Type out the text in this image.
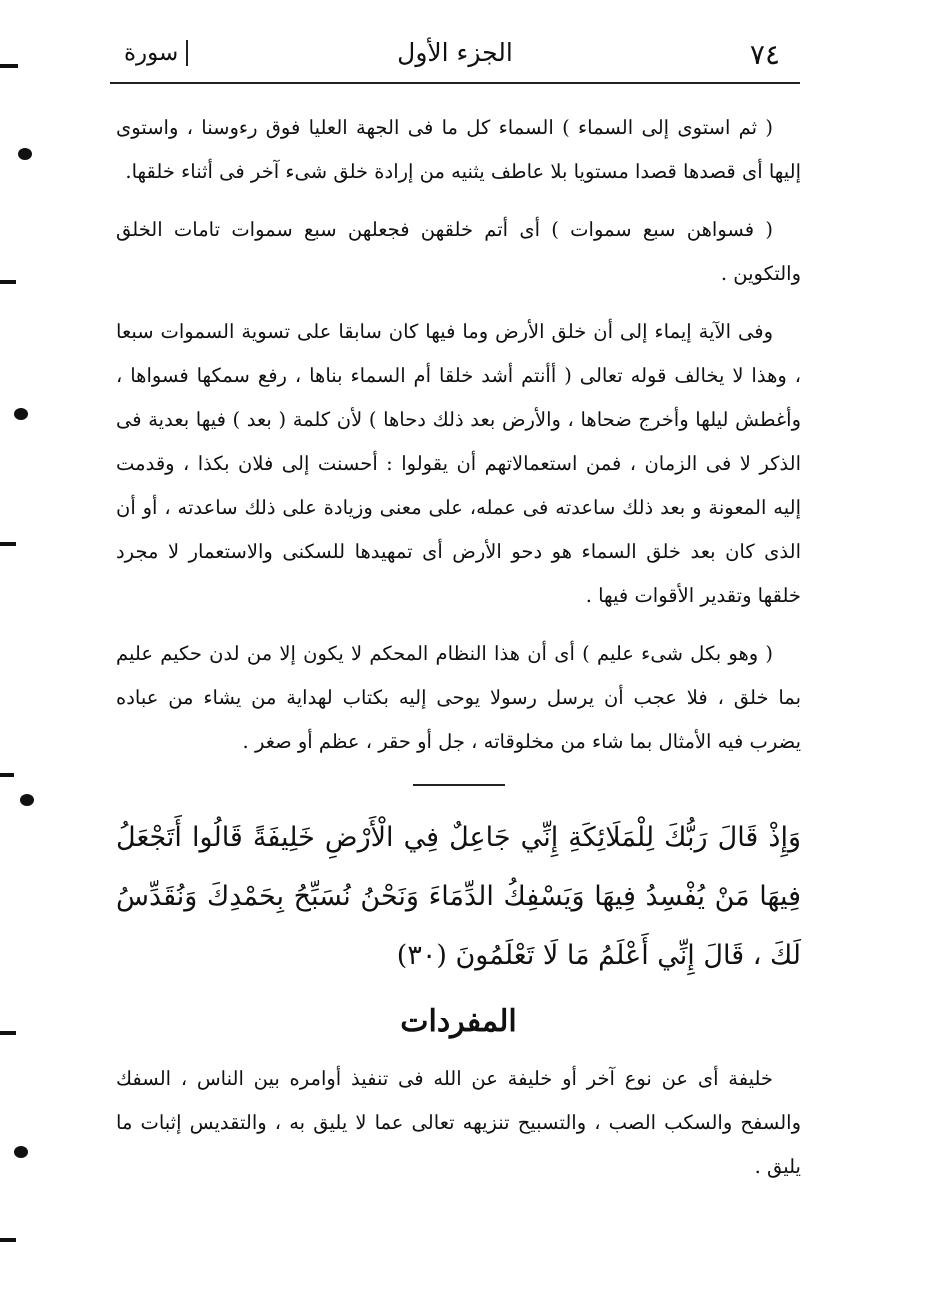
٧٤
الجزء الأول
سورة

( ثم استوى إلى السماء ) السماء كل ما فى الجهة العليا فوق رءوسنا ، واستوى إليها أى قصدها قصدا مستويا بلا عاطف يثنيه من إرادة خلق شىء آخر فى أثناء خلقها.

( فسواهن سبع سموات ) أى أتم خلقهن فجعلهن سبع سموات تامات الخلق والتكوين .

وفى الآية إيماء إلى أن خلق الأرض وما فيها كان سابقا على تسوية السموات سبعا ، وهذا لا يخالف قوله تعالى ( أأنتم أشد خلقا أم السماء بناها ، رفع سمكها فسواها ، وأغطش ليلها وأخرج ضحاها ، والأرض بعد ذلك دحاها ) لأن كلمة ( بعد ) فيها بعدية فى الذكر لا فى الزمان ، فمن استعمالاتهم أن يقولوا : أحسنت إلى فلان بكذا ، وقدمت إليه المعونة و بعد ذلك ساعدته فى عمله، على معنى وزيادة على ذلك ساعدته ، أو أن الذى كان بعد خلق السماء هو دحو الأرض أى تمهيدها للسكنى والاستعمار لا مجرد خلقها وتقدير الأقوات فيها .

( وهو بكل شىء عليم ) أى أن هذا النظام المحكم لا يكون إلا من لدن حكيم عليم بما خلق ، فلا عجب أن يرسل رسولا يوحى إليه بكتاب لهداية من يشاء من عباده يضرب فيه الأمثال بما شاء من مخلوقاته ، جل أو حقر ، عظم أو صغر .

وَإِذْ قَالَ رَبُّكَ لِلْمَلَائِكَةِ إِنِّي جَاعِلٌ فِي الْأَرْضِ خَلِيفَةً قَالُوا أَتَجْعَلُ فِيهَا مَنْ يُفْسِدُ فِيهَا وَيَسْفِكُ الدِّمَاءَ وَنَحْنُ نُسَبِّحُ بِحَمْدِكَ وَنُقَدِّسُ لَكَ ، قَالَ إِنِّي أَعْلَمُ مَا لَا تَعْلَمُونَ (٣٠)

المفردات

خليفة أى عن نوع آخر أو خليفة عن الله فى تنفيذ أوامره بين الناس ، السفك والسفح والسكب الصب ، والتسبيح تنزيهه تعالى عما لا يليق به ، والتقديس إثبات ما يليق .
